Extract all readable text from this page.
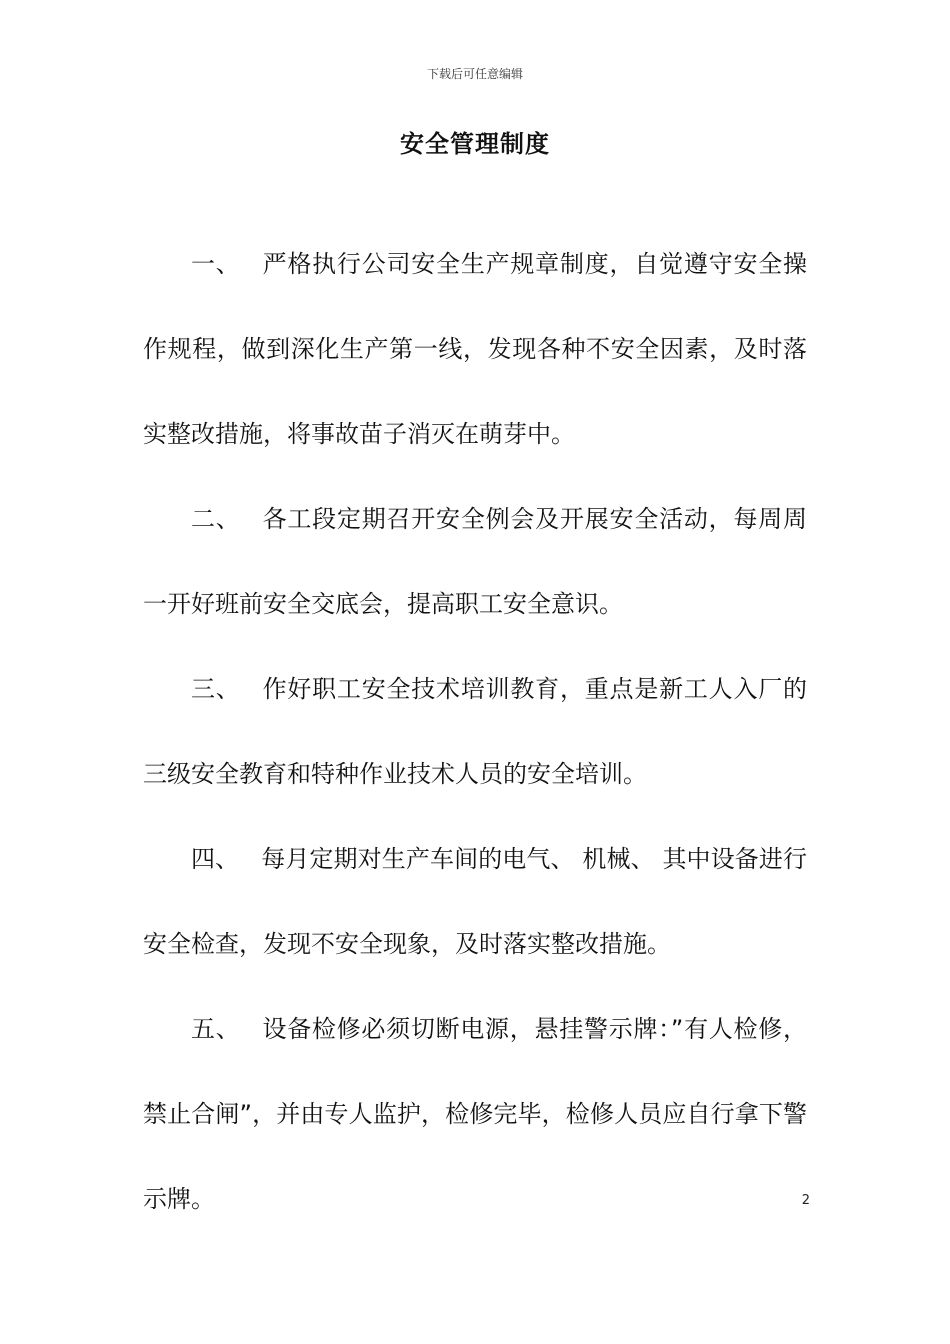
下载后可任意编辑
安全管理制度

一、 严格执行公司安全生产规章制度，自觉遵守安全操作规程，做到深化生产第一线，发现各种不安全因素，及时落实整改措施，将事故苗子消灭在萌芽中。

二、 各工段定期召开安全例会及开展安全活动，每周周一开好班前安全交底会，提高职工安全意识。

三、 作好职工安全技术培训教育，重点是新工人入厂的三级安全教育和特种作业技术人员的安全培训。

四、 每月定期对生产车间的电气、 机械、 其中设备进行安全检查，发现不安全现象，及时落实整改措施。

五、 设备检修必须切断电源，悬挂警示牌：”有人检修，禁止合闸”，并由专人监护，检修完毕，检修人员应自行拿下警示牌。	2
